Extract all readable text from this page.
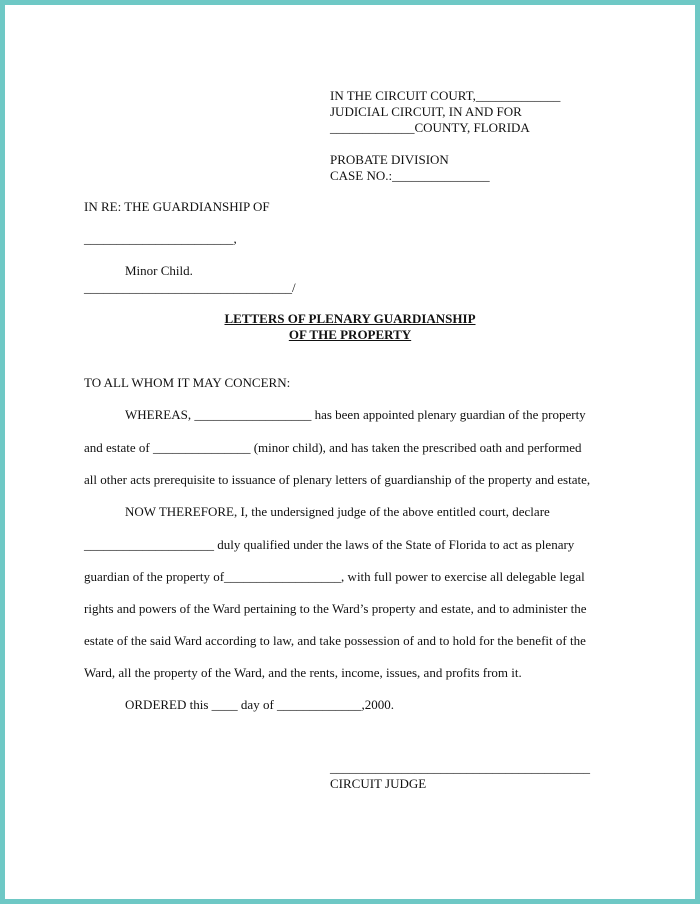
IN THE CIRCUIT COURT,_____________
JUDICIAL CIRCUIT, IN AND FOR
_____________COUNTY, FLORIDA
PROBATE DIVISION
CASE NO.:_______________
IN RE: THE GUARDIANSHIP OF
_______________________,
Minor Child.
________________________________/
LETTERS OF PLENARY GUARDIANSHIP
OF THE PROPERTY
TO ALL WHOM IT MAY CONCERN:
WHEREAS, __________________ has been appointed plenary guardian of the property
and estate of _______________ (minor child), and has taken the prescribed oath and performed
all other acts prerequisite to issuance of plenary letters of guardianship of the property and estate,
NOW THEREFORE, I, the undersigned judge of the above entitled court, declare
____________________ duly qualified under the laws of the State of Florida to act as plenary
guardian of the property of__________________, with full power to exercise all delegable legal
rights and powers of the Ward pertaining to the Ward’s property and estate, and to administer the
estate of the said Ward according to law, and take possession of and to hold for the benefit of the
Ward, all the property of the Ward, and the rents, income, issues, and profits from it.
ORDERED this ____ day of _____________,2000.
________________________________________
CIRCUIT JUDGE
